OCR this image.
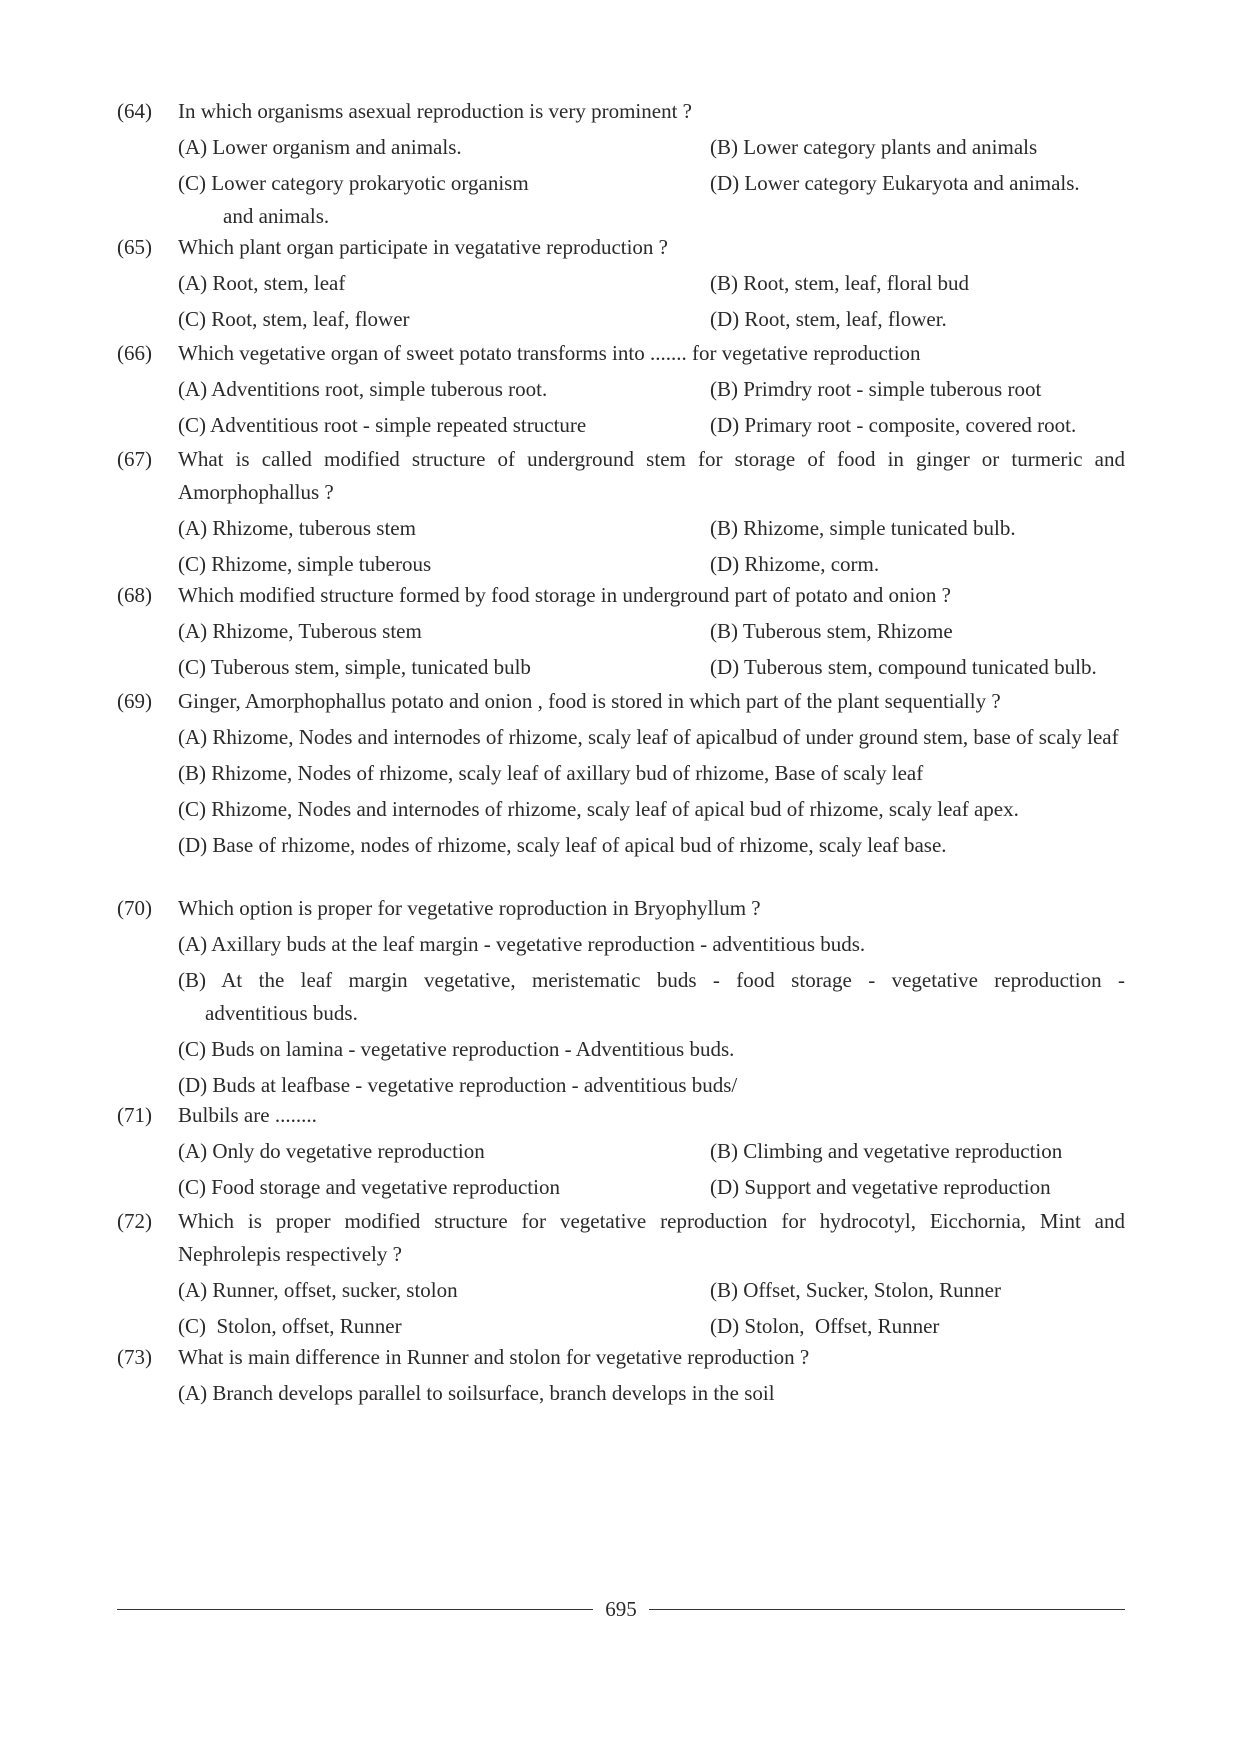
(64)	In which organisms asexual reproduction is very prominent ?
(A) Lower organism and animals.	(B) Lower category plants and animals
(C) Lower category prokaryotic organism
and animals.
(D) Lower category Eukaryota and animals.
(65)	Which plant organ participate in vegatative reproduction ?
(A) Root, stem, leaf	(B) Root, stem, leaf, floral bud
(C) Root, stem, leaf, flower	(D) Root, stem, leaf, flower.
(66)	Which vegetative organ of sweet potato transforms into ....... for vegetative reproduction
(A) Adventitions root, simple tuberous root.	(B) Primdry root - simple tuberous root
(C) Adventitious root - simple repeated structure	(D) Primary root - composite, covered root.
(67)	What is called modified structure of underground stem for storage of food in ginger or turmeric and Amorphophallus ?
(A) Rhizome, tuberous stem	(B) Rhizome, simple tunicated bulb.
(C) Rhizome, simple tuberous	(D) Rhizome, corm.
(68)	Which modified structure formed by food storage in underground part of potato and onion ?
(A) Rhizome, Tuberous stem	(B) Tuberous stem, Rhizome
(C) Tuberous stem, simple, tunicated bulb	(D) Tuberous stem, compound tunicated bulb.
(69)	Ginger, Amorphophallus potato and onion , food is stored in which part of the plant sequentially ?
(A) Rhizome, Nodes and internodes of rhizome, scaly leaf of apicalbud of under ground stem, base of scaly leaf
(B) Rhizome, Nodes of rhizome, scaly leaf of axillary bud of rhizome, Base of scaly leaf
(C) Rhizome, Nodes and internodes of rhizome, scaly leaf of apical bud of rhizome, scaly leaf apex.
(D) Base of rhizome, nodes of rhizome, scaly leaf of apical bud of rhizome, scaly leaf base.
(70)	Which option is proper for vegetative roproduction in Bryophyllum ?
(A) Axillary buds at the leaf margin - vegetative reproduction - adventitious buds.
(B) At the leaf margin vegetative, meristematic buds - food storage - vegetative reproduction -
adventitious buds.
(C) Buds on lamina - vegetative reproduction - Adventitious buds.
(D) Buds at leafbase - vegetative reproduction - adventitious buds/
(71)	Bulbils are ........
(A) Only do vegetative reproduction	(B) Climbing and vegetative reproduction
(C) Food storage and vegetative reproduction	(D) Support and vegetative reproduction
(72)	Which is proper modified structure for vegetative reproduction for hydrocotyl, Eicchornia, Mint and Nephrolepis respectively ?
(A) Runner, offset, sucker, stolon	(B) Offset, Sucker, Stolon, Runner
(C)  Stolon, offset, Runner	(D) Stolon,  Offset, Runner
(73)	What is main difference in Runner and stolon for vegetative reproduction ?
(A) Branch develops parallel to soilsurface, branch develops in the soil
695
